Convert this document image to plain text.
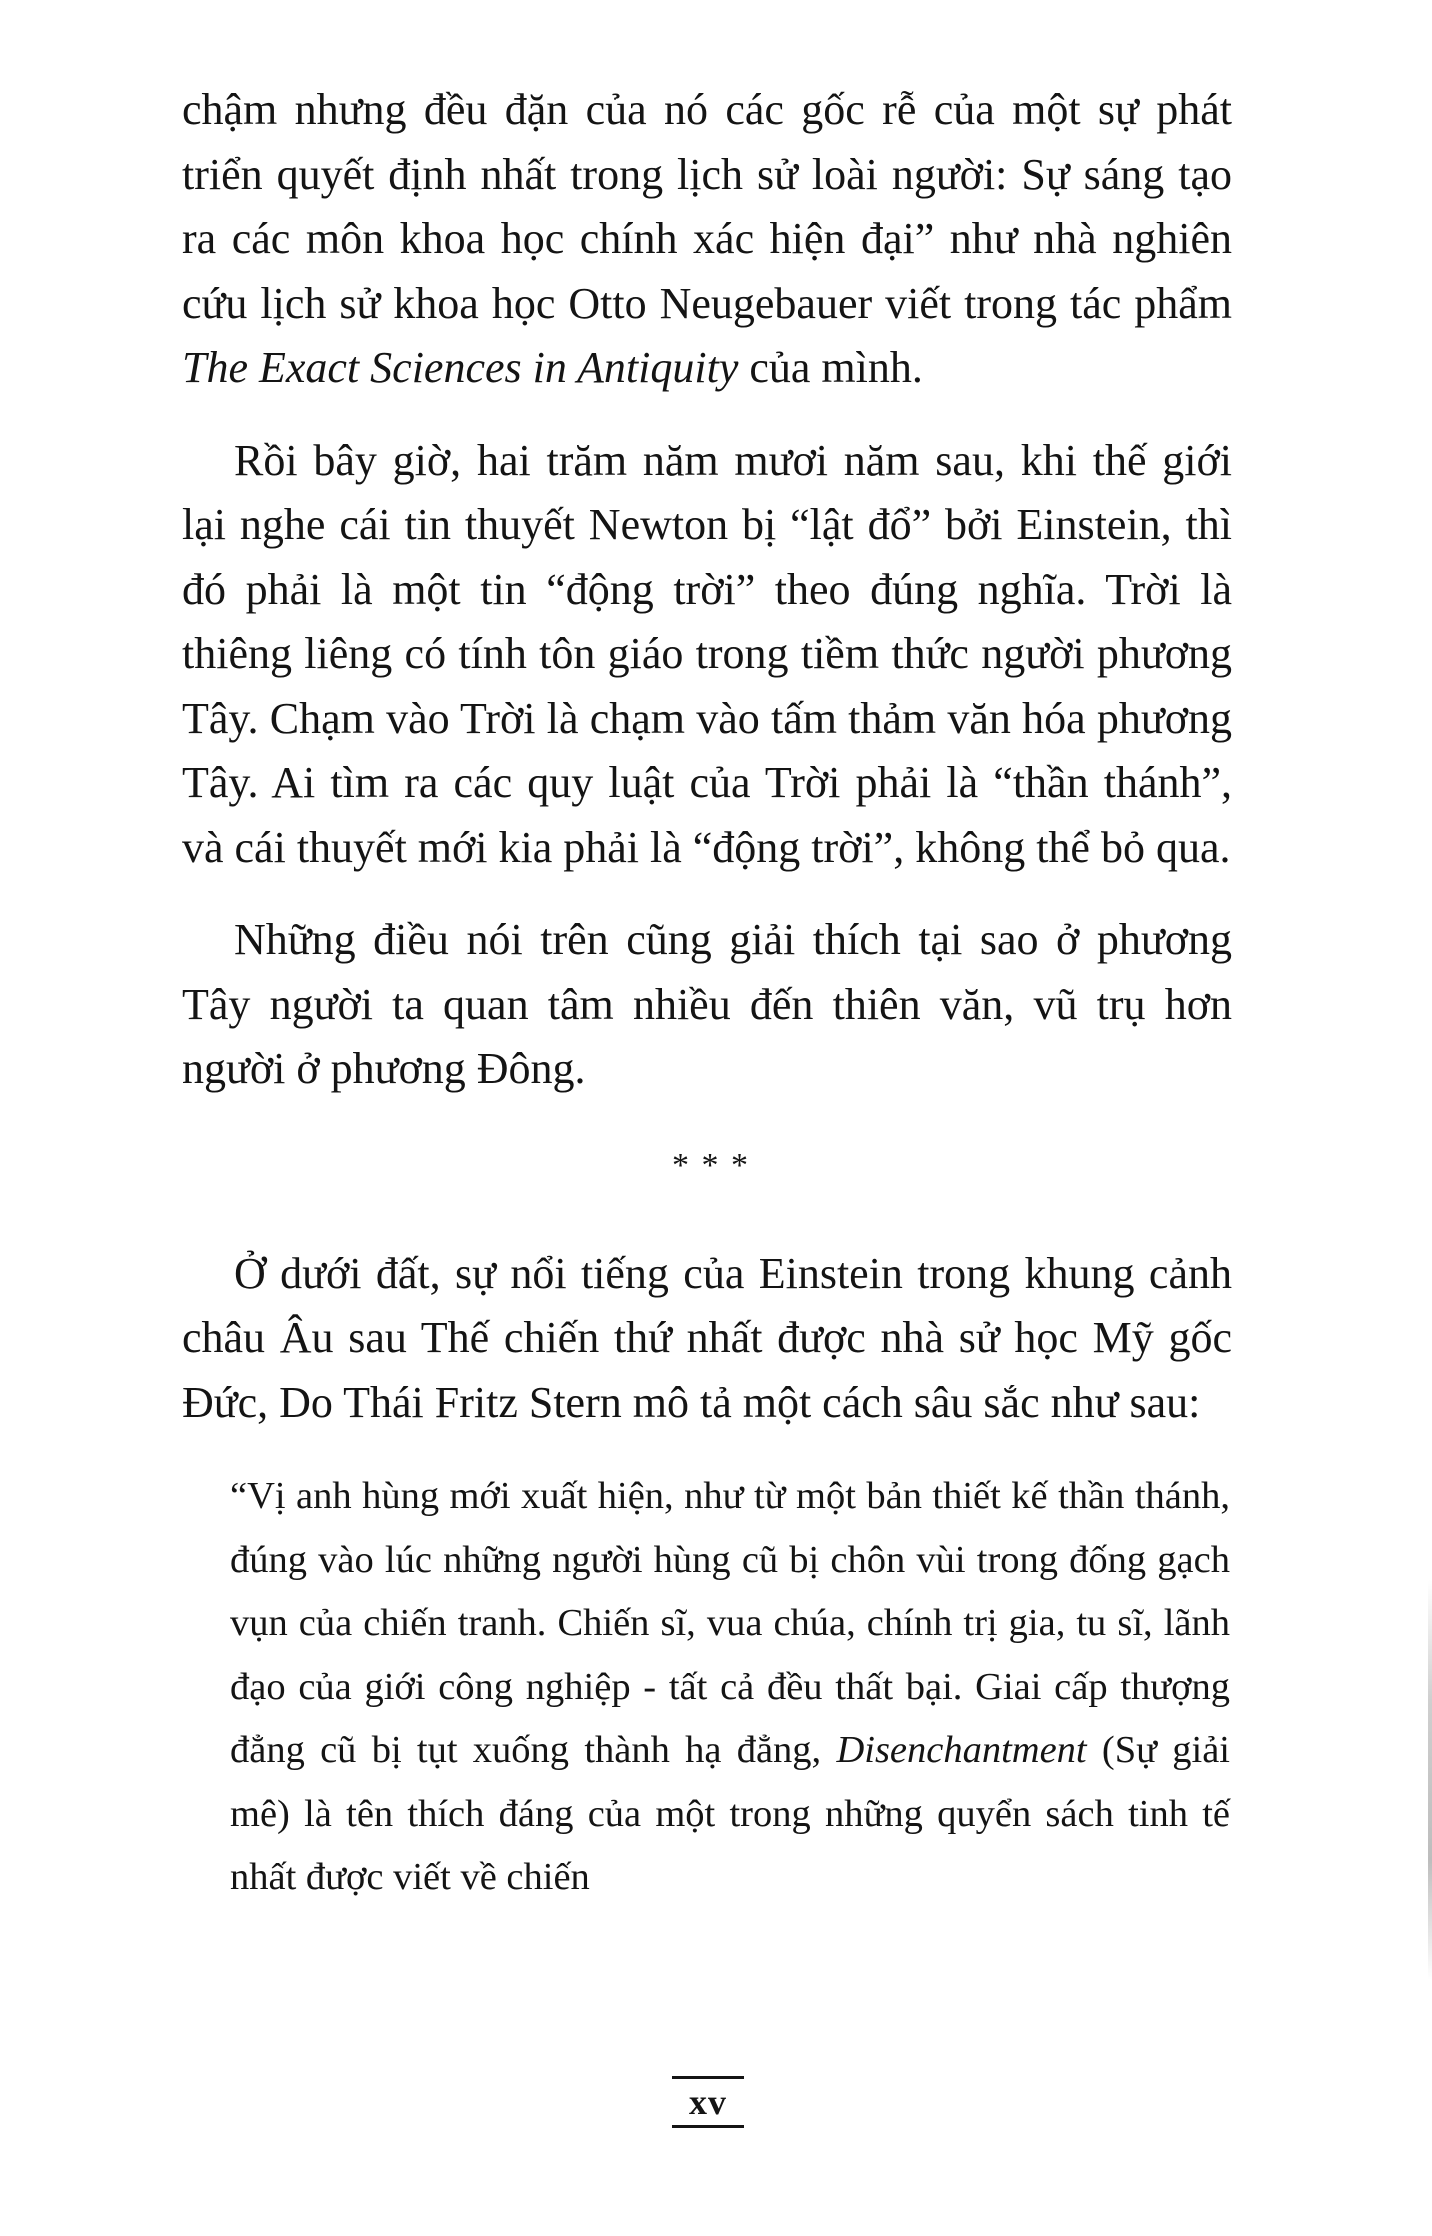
chậm nhưng đều đặn của nó các gốc rễ của một sự phát triển quyết định nhất trong lịch sử loài người: Sự sáng tạo ra các môn khoa học chính xác hiện đại” như nhà nghiên cứu lịch sử khoa học Otto Neugebauer viết trong tác phẩm The Exact Sciences in Antiquity của mình.

Rồi bây giờ, hai trăm năm mươi năm sau, khi thế giới lại nghe cái tin thuyết Newton bị “lật đổ” bởi Einstein, thì đó phải là một tin “động trời” theo đúng nghĩa. Trời là thiêng liêng có tính tôn giáo trong tiềm thức người phương Tây. Chạm vào Trời là chạm vào tấm thảm văn hóa phương Tây. Ai tìm ra các quy luật của Trời phải là “thần thánh”, và cái thuyết mới kia phải là “động trời”, không thể bỏ qua.

Những điều nói trên cũng giải thích tại sao ở phương Tây người ta quan tâm nhiều đến thiên văn, vũ trụ hơn người ở phương Đông.

* * *

Ở dưới đất, sự nổi tiếng của Einstein trong khung cảnh châu Âu sau Thế chiến thứ nhất được nhà sử học Mỹ gốc Đức, Do Thái Fritz Stern mô tả một cách sâu sắc như sau:

“Vị anh hùng mới xuất hiện, như từ một bản thiết kế thần thánh, đúng vào lúc những người hùng cũ bị chôn vùi trong đống gạch vụn của chiến tranh. Chiến sĩ, vua chúa, chính trị gia, tu sĩ, lãnh đạo của giới công nghiệp - tất cả đều thất bại. Giai cấp thượng đẳng cũ bị tụt xuống thành hạ đẳng, Disenchantment (Sự giải mê) là tên thích đáng của một trong những quyển sách tinh tế nhất được viết về chiến

xv
